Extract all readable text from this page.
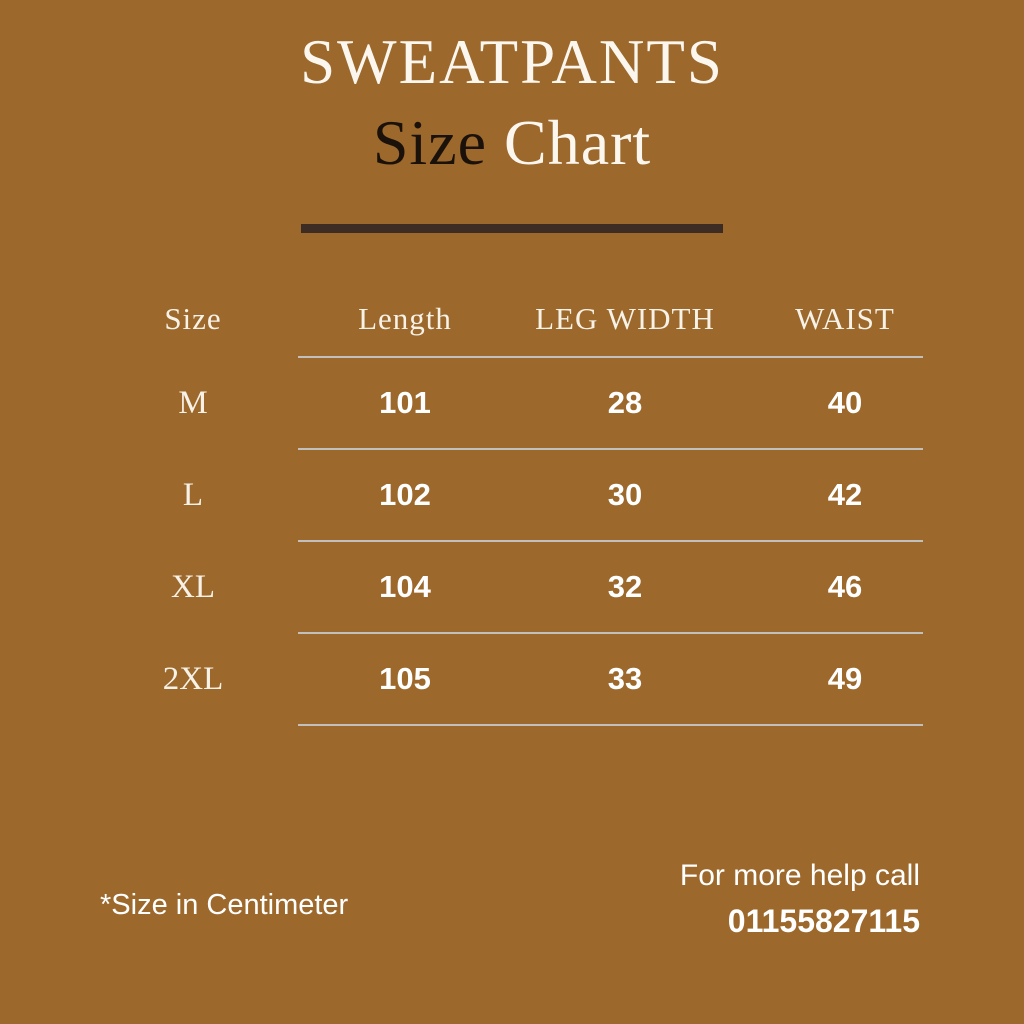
SWEATPANTS
Size Chart
Size	Length	LEG WIDTH	WAIST
M	101	28	40
L	102	30	42
XL	104	32	46
2XL	105	33	49
*Size in Centimeter
For more help call
01155827115
